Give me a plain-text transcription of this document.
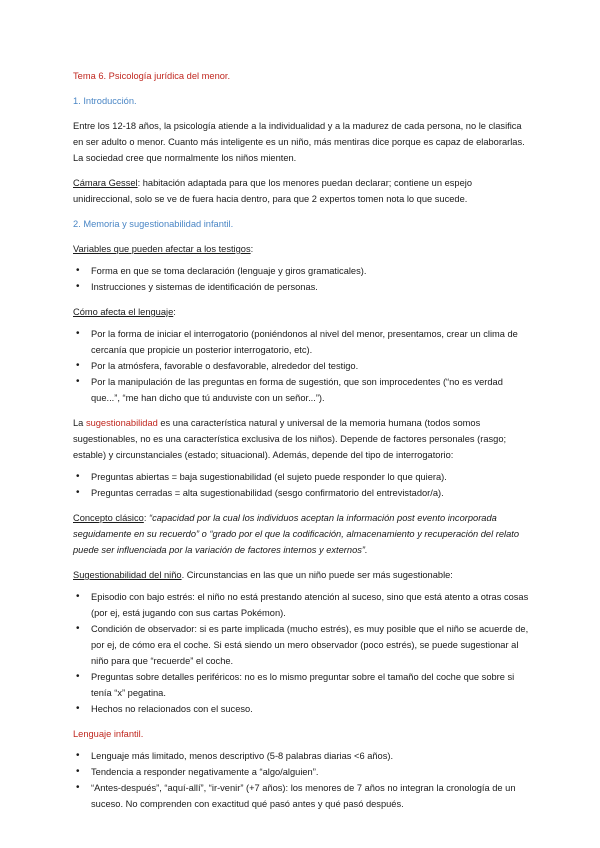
Tema 6. Psicología jurídica del menor.

1. Introducción.

Entre los 12-18 años, la psicología atiende a la individualidad y a la madurez de cada persona, no le clasifica en ser adulto o menor. Cuanto más inteligente es un niño, más mentiras dice porque es capaz de elaborarlas. La sociedad cree que normalmente los niños mienten.

Cámara Gessel: habitación adaptada para que los menores puedan declarar; contiene un espejo unidireccional, solo se ve de fuera hacia dentro, para que 2 expertos tomen nota lo que sucede.

2. Memoria y sugestionabilidad infantil.

Variables que pueden afectar a los testigos:

• Forma en que se toma declaración (lenguaje y giros gramaticales).
• Instrucciones y sistemas de identificación de personas.

Cómo afecta el lenguaje:

• Por la forma de iniciar el interrogatorio (poniéndonos al nivel del menor, presentamos, crear un clima de cercanía que propicie un posterior interrogatorio, etc).
• Por la atmósfera, favorable o desfavorable, alrededor del testigo.
• Por la manipulación de las preguntas en forma de sugestión, que son improcedentes (“no es verdad que...”, “me han dicho que tú anduviste con un señor...”).

La sugestionabilidad es una característica natural y universal de la memoria humana (todos somos sugestionables, no es una característica exclusiva de los niños). Depende de factores personales (rasgo; estable) y circunstanciales (estado; situacional). Además, depende del tipo de interrogatorio:

• Preguntas abiertas = baja sugestionabilidad (el sujeto puede responder lo que quiera).
• Preguntas cerradas = alta sugestionabilidad (sesgo confirmatorio del entrevistador/a).

Concepto clásico: “capacidad por la cual los individuos aceptan la información post evento incorporada seguidamente en su recuerdo” o “grado por el que la codificación, almacenamiento y recuperación del relato puede ser influenciada por la variación de factores internos y externos”.

Sugestionabilidad del niño. Circunstancias en las que un niño puede ser más sugestionable:

• Episodio con bajo estrés: el niño no está prestando atención al suceso, sino que está atento a otras cosas (por ej, está jugando con sus cartas Pokémon).
• Condición de observador: si es parte implicada (mucho estrés), es muy posible que el niño se acuerde de, por ej, de cómo era el coche. Si está siendo un mero observador (poco estrés), se puede sugestionar al niño para que “recuerde” el coche.
• Preguntas sobre detalles periféricos: no es lo mismo preguntar sobre el tamaño del coche que sobre si tenía “x” pegatina.
• Hechos no relacionados con el suceso.

Lenguaje infantil.

• Lenguaje más limitado, menos descriptivo (5-8 palabras diarias <6 años).
• Tendencia a responder negativamente a “algo/alguien”.
• “Antes-después”, “aquí-allí”, “ir-venir” (+7 años): los menores de 7 años no integran la cronología de un suceso. No comprenden con exactitud qué pasó antes y qué pasó después.
